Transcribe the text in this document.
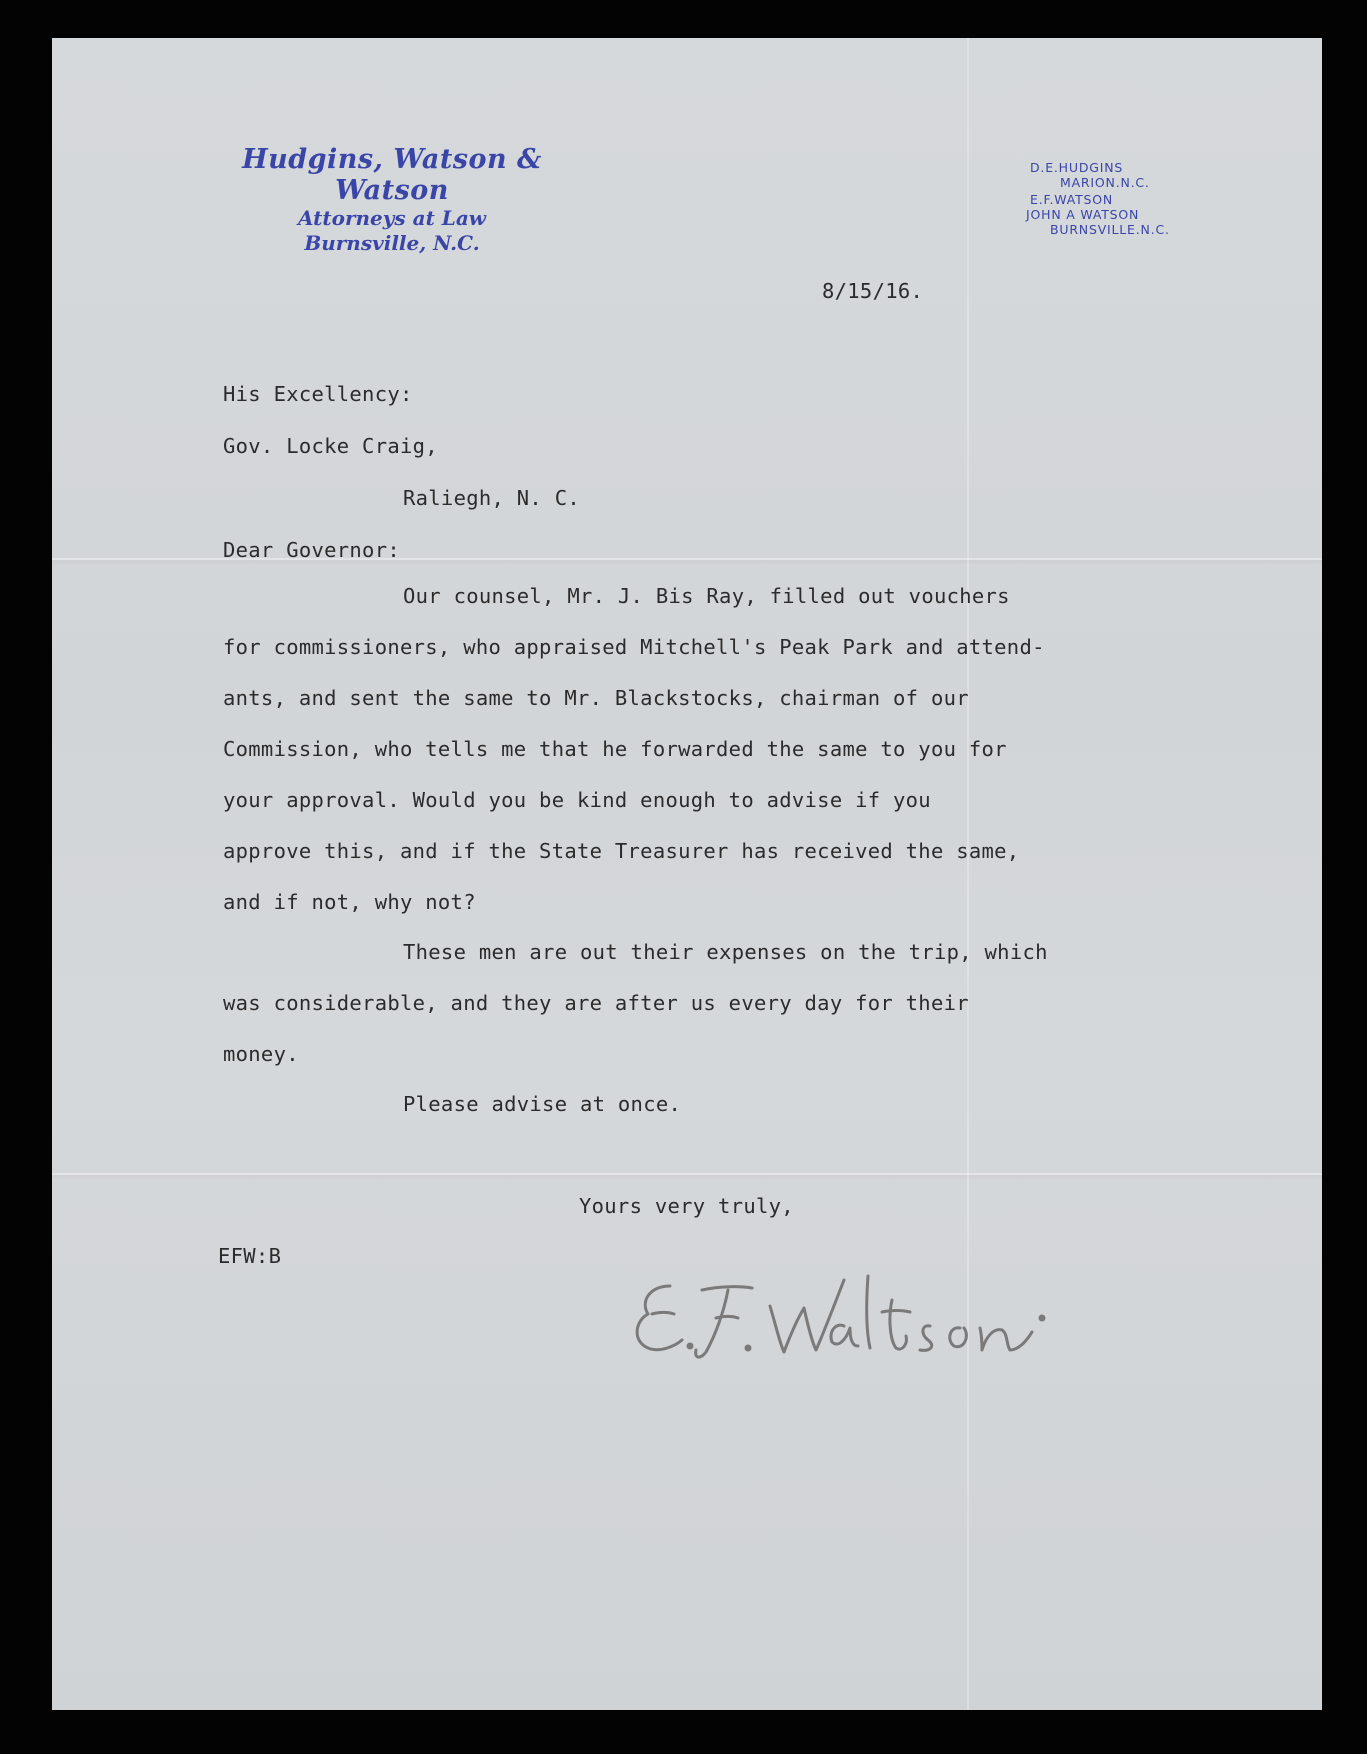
Hudgins, Watson & Watson
Attorneys at Law
Burnsville, N.C.
D.E.HUDGINS
MARION.N.C.
E.F.WATSON
JOHN A WATSON
BURNSVILLE.N.C.
8/15/16.
His Excellency:
Gov. Locke Craig,
Raliegh, N. C.
Dear Governor:
Our counsel, Mr. J. Bis Ray, filled out vouchers
for commissioners, who appraised Mitchell's Peak Park and attend-
ants, and sent the same to Mr. Blackstocks, chairman of our
Commission, who tells me that he forwarded the same to you for
your approval. Would you be kind enough to advise if you
approve this, and if the State Treasurer has received the same,
and if not, why not?
These men are out their expenses on the trip, which
was considerable, and they are after us every day for their
money.
Please advise at once.
Yours very truly,
EFW:B
